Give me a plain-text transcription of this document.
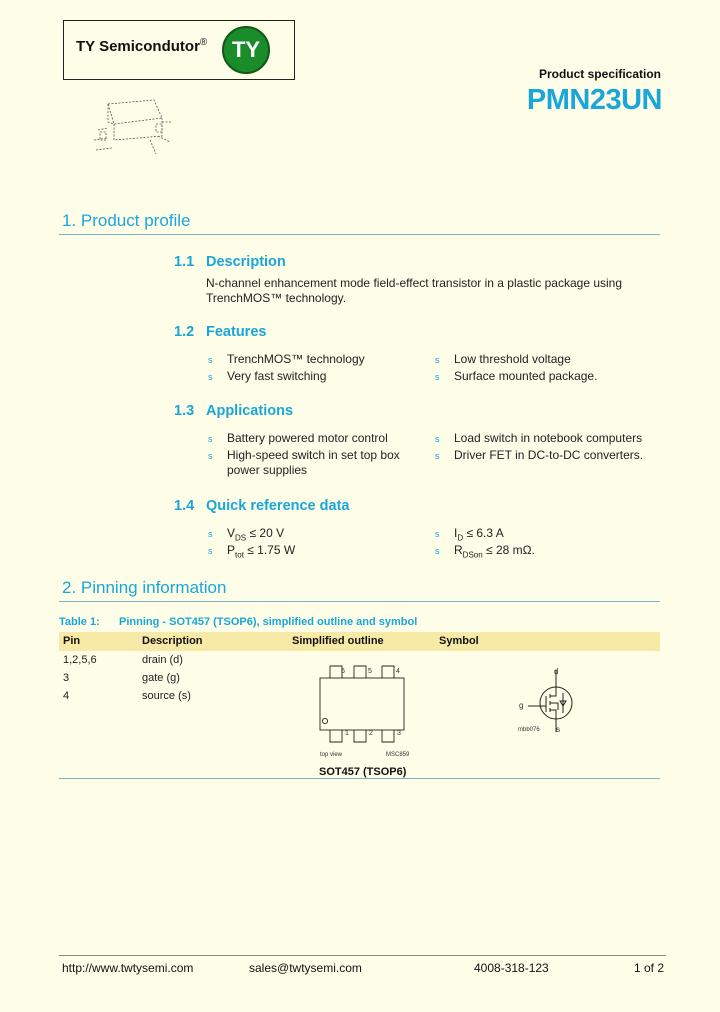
TY Semicondutor®	TY
Product specification
PMN23UN
1. Product profile
1.1 Description
N-channel enhancement mode field-effect transistor in a plastic package using
TrenchMOS™ technology.
1.2 Features
s TrenchMOS™ technology
s Very fast switching
s Low threshold voltage
s Surface mounted package.
1.3 Applications
s Battery powered motor control
s High-speed switch in set top box
power supplies
s Load switch in notebook computers
s Driver FET in DC-to-DC converters.
1.4 Quick reference data
s $V_{DS} \le 20$ V
s $P_{tot} \le 1.75$ W
s $I_D \le 6.3$ A
s $R_{DSon} \le 28$ mΩ.
2. Pinning information
Table 1: Pinning - SOT457 (TSOP6), simplified outline and symbol
Pin	Description	Simplified outline	Symbol
1,2,5,6	drain (d)
3	gate (g)
4	source (s)
6	5	4
1	2	3
top view	MSC859
SOT457 (TSOP6)
d
g
s
mbb076
http://www.twtysemi.com	sales@twtysemi.com	4008-318-123	1 of 2
